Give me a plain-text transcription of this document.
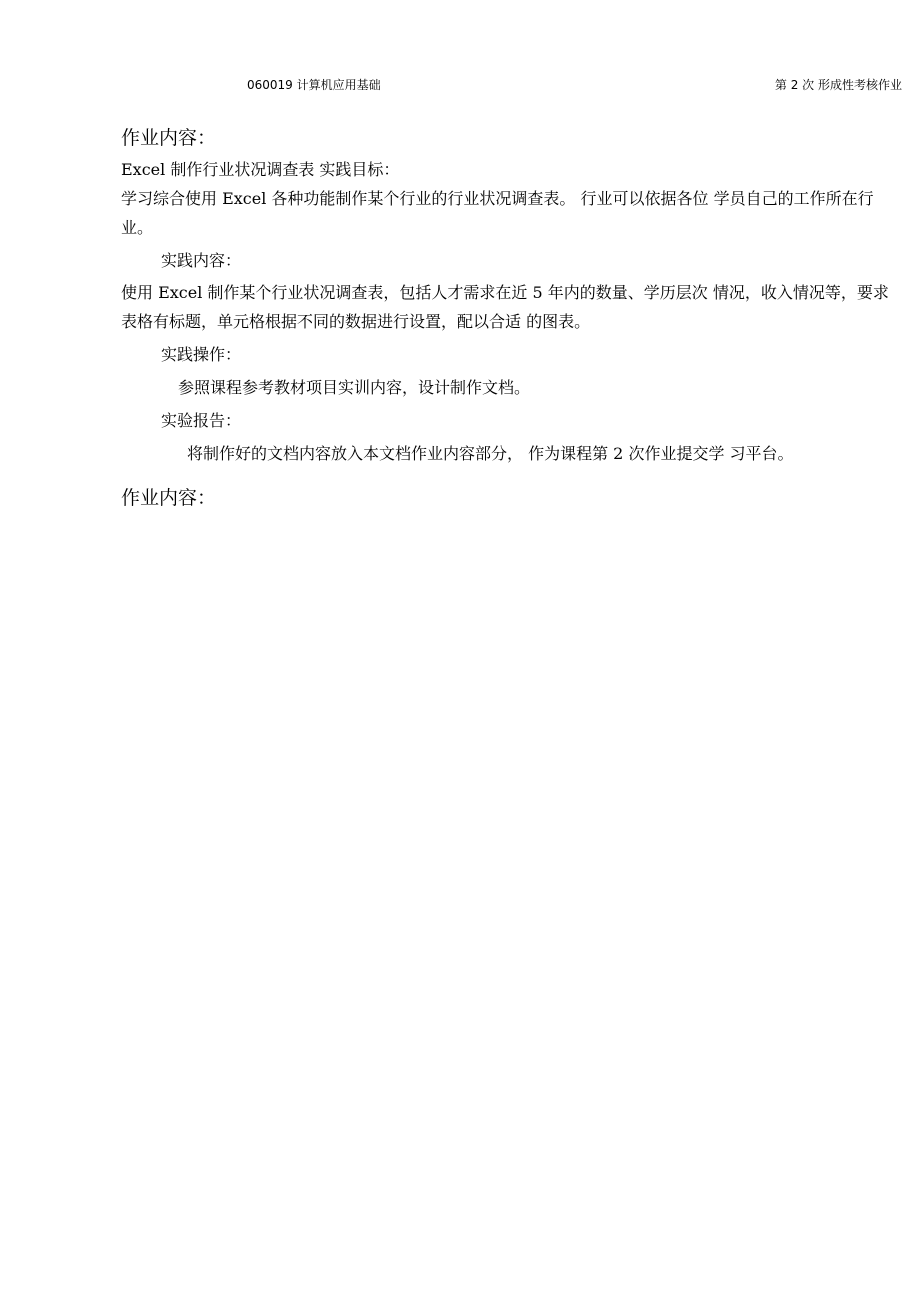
060019 计算机应用基础	第 2 次 形成性考核作业
作业内容：
Excel 制作行业状况调查表 实践目标：
学习综合使用 Excel 各种功能制作某个行业的行业状况调查表。 行业可以依据各位 学员自己的工作所在行业。
实践内容：
使用 Excel 制作某个行业状况调查表，包括人才需求在近 5 年内的数量、学历层次 情况，收入情况等，要求表格有标题，单元格根据不同的数据进行设置，配以合适 的图表。
实践操作：
参照课程参考教材项目实训内容，设计制作文档。
实验报告：
将制作好的文档内容放入本文档作业内容部分， 作为课程第 2 次作业提交学 习平台。
作业内容：
